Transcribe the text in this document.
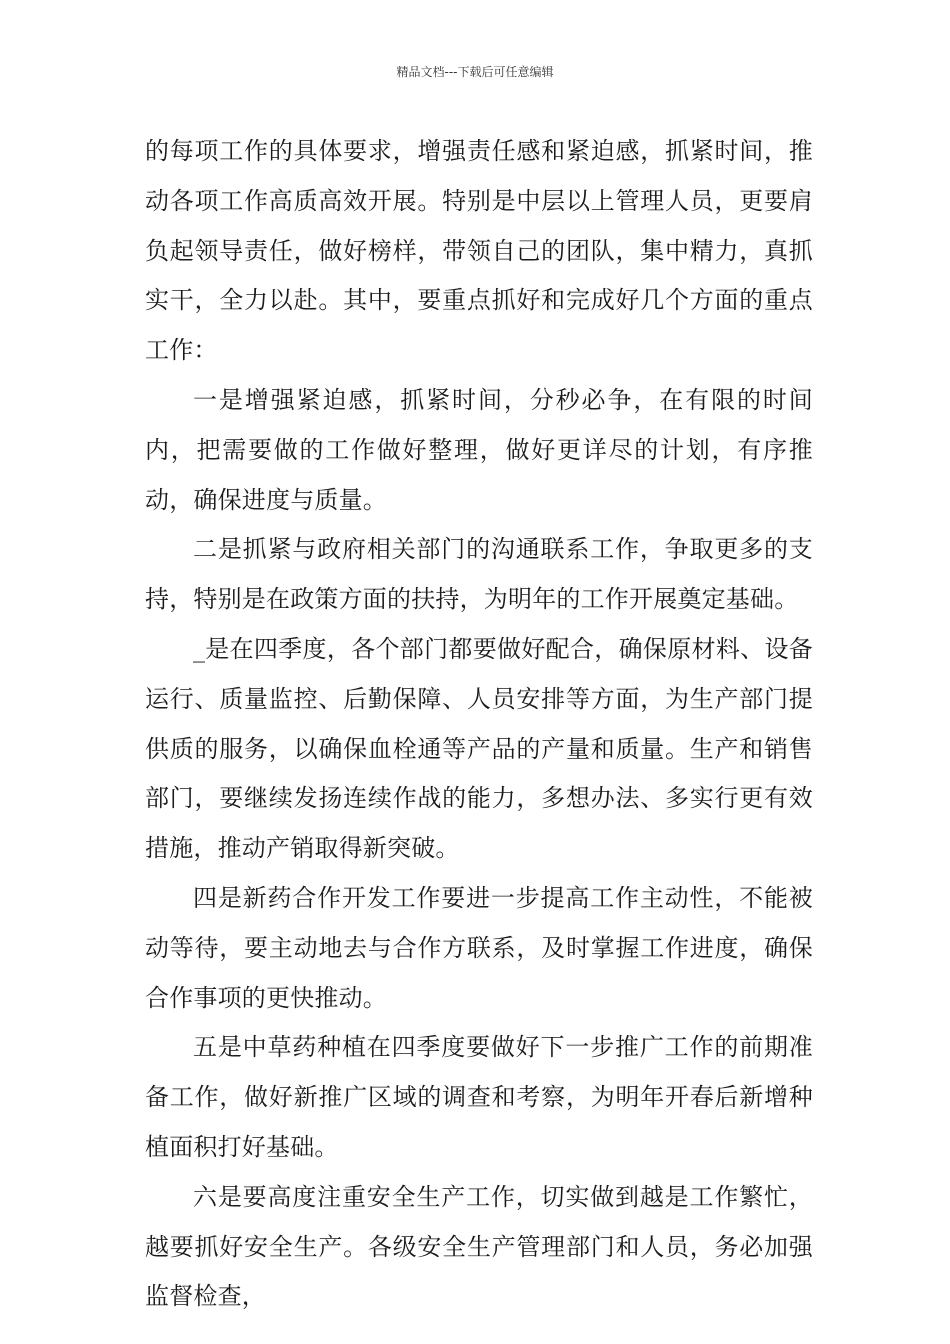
精品文档---下载后可任意编辑

的每项工作的具体要求，增强责任感和紧迫感，抓紧时间，推动各项工作高质高效开展。特别是中层以上管理人员，更要肩负起领导责任，做好榜样，带领自己的团队，集中精力，真抓实干，全力以赴。其中，要重点抓好和完成好几个方面的重点工作：

一是增强紧迫感，抓紧时间，分秒必争，在有限的时间内，把需要做的工作做好整理，做好更详尽的计划，有序推动，确保进度与质量。

二是抓紧与政府相关部门的沟通联系工作，争取更多的支持，特别是在政策方面的扶持，为明年的工作开展奠定基础。

_是在四季度，各个部门都要做好配合，确保原材料、设备运行、质量监控、后勤保障、人员安排等方面，为生产部门提供质的服务，以确保血栓通等产品的产量和质量。生产和销售部门，要继续发扬连续作战的能力，多想办法、多实行更有效措施，推动产销取得新突破。

四是新药合作开发工作要进一步提高工作主动性，不能被动等待，要主动地去与合作方联系，及时掌握工作进度，确保合作事项的更快推动。

五是中草药种植在四季度要做好下一步推广工作的前期准备工作，做好新推广区域的调查和考察，为明年开春后新增种植面积打好基础。

六是要高度注重安全生产工作，切实做到越是工作繁忙，越要抓好安全生产。各级安全生产管理部门和人员，务必加强监督检查，
